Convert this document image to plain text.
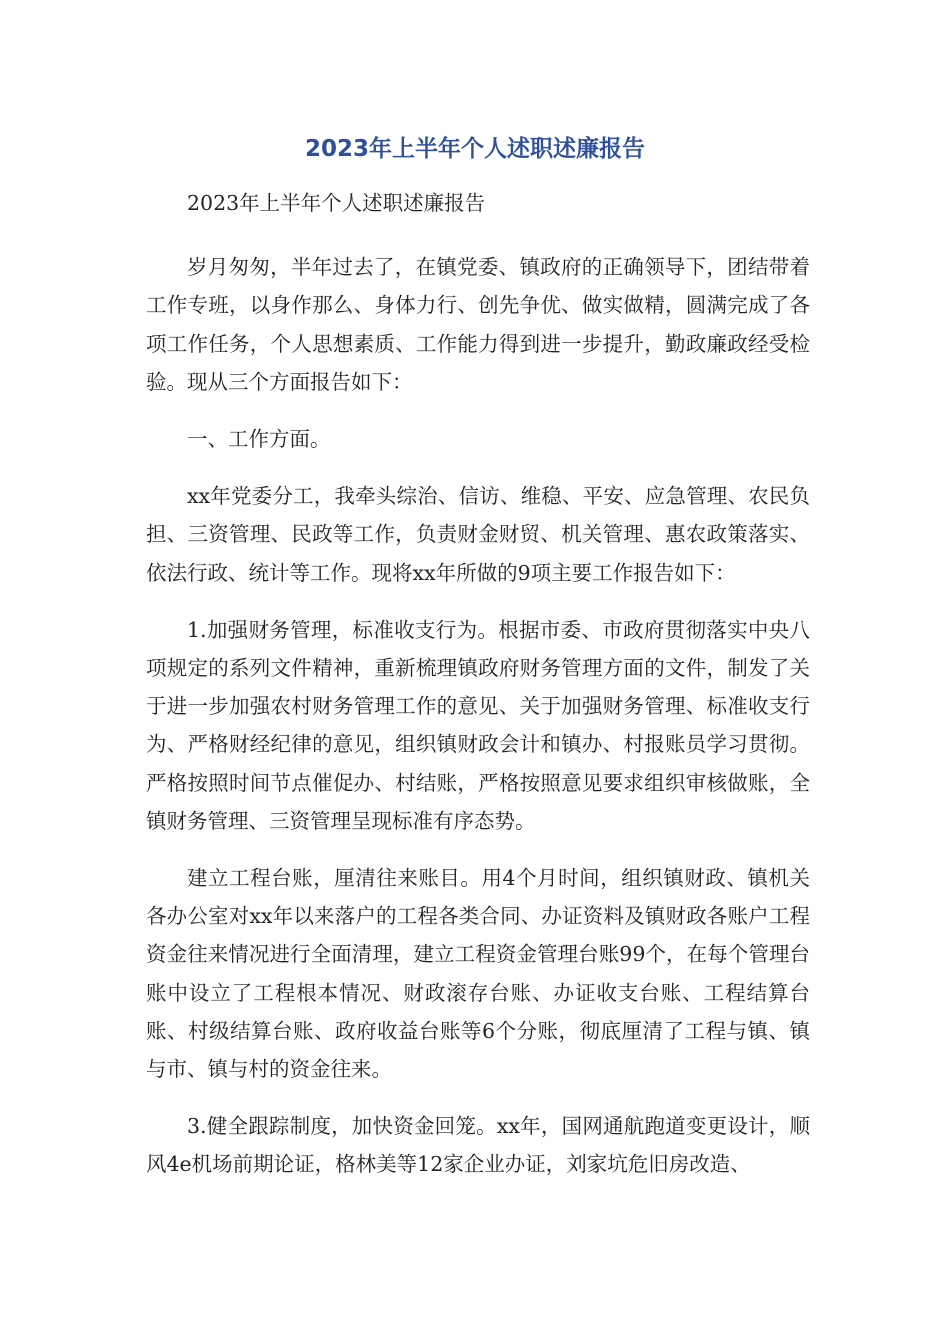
2023年上半年个人述职述廉报告

2023年上半年个人述职述廉报告

岁月匆匆，半年过去了，在镇党委、镇政府的正确领导下，团结带着工作专班，以身作那么、身体力行、创先争优、做实做精，圆满完成了各项工作任务，个人思想素质、工作能力得到进一步提升，勤政廉政经受检验。现从三个方面报告如下：

一、工作方面。

xx年党委分工，我牵头综治、信访、维稳、平安、应急管理、农民负担、三资管理、民政等工作，负责财金财贸、机关管理、惠农政策落实、依法行政、统计等工作。现将xx年所做的9项主要工作报告如下：

1.加强财务管理，标准收支行为。根据市委、市政府贯彻落实中央八项规定的系列文件精神，重新梳理镇政府财务管理方面的文件，制发了关于进一步加强农村财务管理工作的意见、关于加强财务管理、标准收支行为、严格财经纪律的意见，组织镇财政会计和镇办、村报账员学习贯彻。严格按照时间节点催促办、村结账，严格按照意见要求组织审核做账，全镇财务管理、三资管理呈现标准有序态势。

建立工程台账，厘清往来账目。用4个月时间，组织镇财政、镇机关各办公室对xx年以来落户的工程各类合同、办证资料及镇财政各账户工程资金往来情况进行全面清理，建立工程资金管理台账99个，在每个管理台账中设立了工程根本情况、财政滚存台账、办证收支台账、工程结算台账、村级结算台账、政府收益台账等6个分账，彻底厘清了工程与镇、镇与市、镇与村的资金往来。

3.健全跟踪制度，加快资金回笼。xx年，国网通航跑道变更设计，顺风4e机场前期论证，格林美等12家企业办证，刘家坑危旧房改造、
